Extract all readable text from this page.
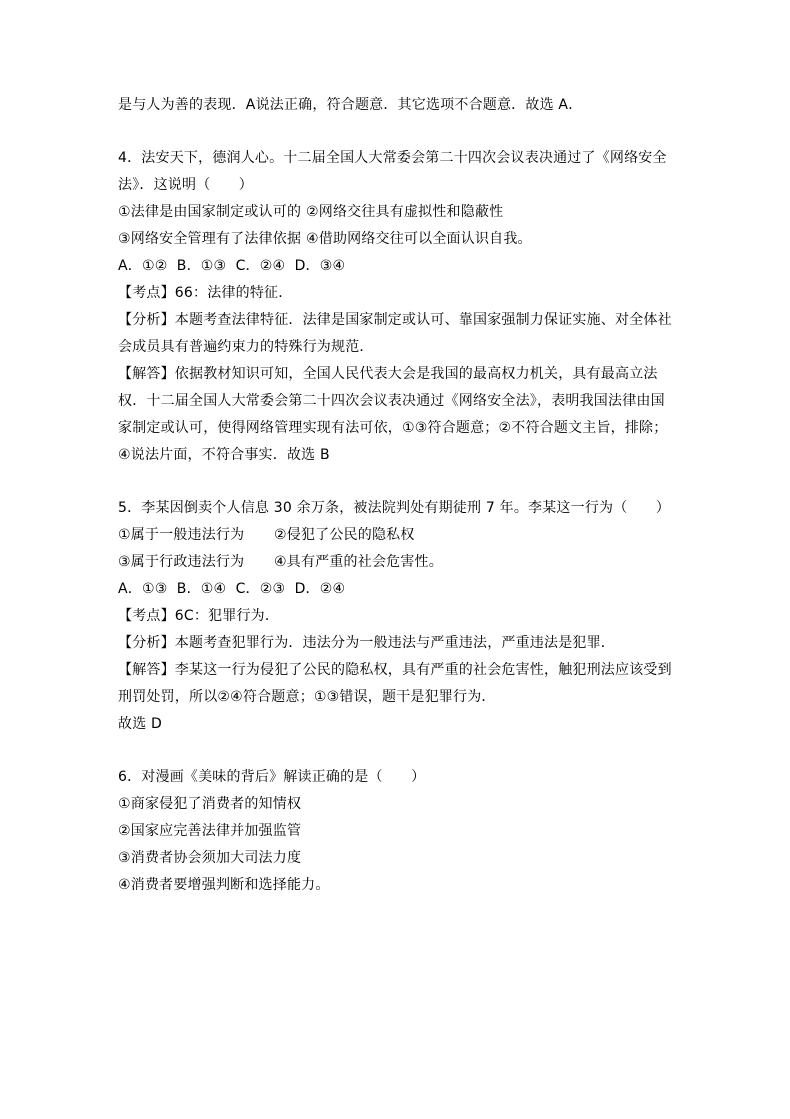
是与人为善的表现．A说法正确，符合题意．其它选项不合题意．故选 A．
4．法安天下，德润人心。十二届全国人大常委会第二十四次会议表决通过了《网络安全
法》．这说明（　　）
①法律是由国家制定或认可的 ②网络交往具有虚拟性和隐蔽性
③网络安全管理有了法律依据 ④借助网络交往可以全面认识自我。
A．①②  B．①③  C．②④  D．③④
【考点】66：法律的特征．
【分析】本题考查法律特征．法律是国家制定或认可、靠国家强制力保证实施、对全体社
会成员具有普遍约束力的特殊行为规范．
【解答】依据教材知识可知，全国人民代表大会是我国的最高权力机关，具有最高立法
权．十二届全国人大常委会第二十四次会议表决通过《网络安全法》，表明我国法律由国
家制定或认可，使得网络管理实现有法可依，①③符合题意；②不符合题文主旨，排除；
④说法片面，不符合事实．故选 B
5．李某因倒卖个人信息 30 余万条，被法院判处有期徒刑 7 年。李某这一行为（　　）
①属于一般违法行为	②侵犯了公民的隐私权
③属于行政违法行为	④具有严重的社会危害性。
A．①③  B．①④  C．②③  D．②④
【考点】6C：犯罪行为．
【分析】本题考查犯罪行为．违法分为一般违法与严重违法，严重违法是犯罪．
【解答】李某这一行为侵犯了公民的隐私权，具有严重的社会危害性，触犯刑法应该受到
刑罚处罚，所以②④符合题意；①③错误，题干是犯罪行为．
故选 D
6．对漫画《美味的背后》解读正确的是（　　）
①商家侵犯了消费者的知情权
②国家应完善法律并加强监管
③消费者协会须加大司法力度
④消费者要增强判断和选择能力。
